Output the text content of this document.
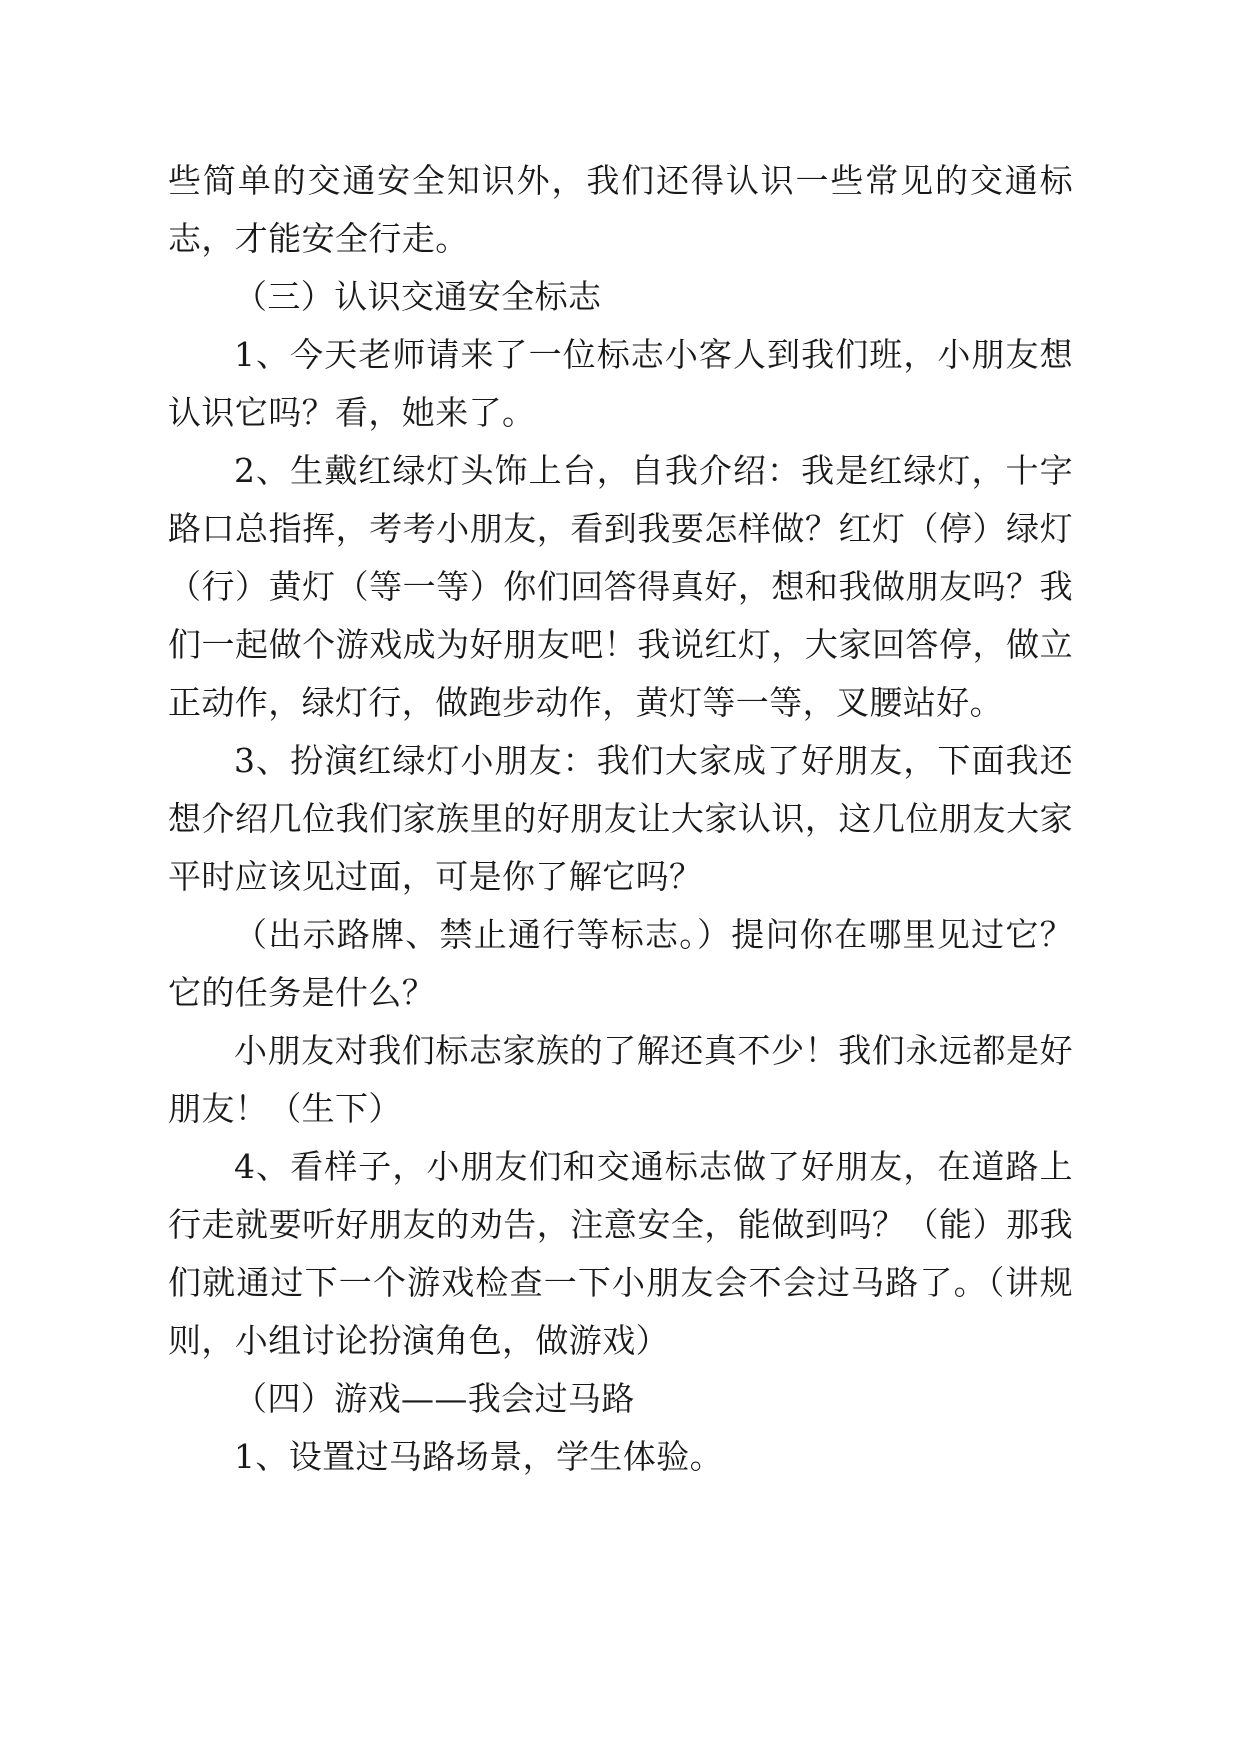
些简单的交通安全知识外，我们还得认识一些常见的交通标志，才能安全行走。

（三）认识交通安全标志

1、今天老师请来了一位标志小客人到我们班，小朋友想认识它吗？看，她来了。

2、生戴红绿灯头饰上台，自我介绍：我是红绿灯，十字路口总指挥，考考小朋友，看到我要怎样做？红灯（停）绿灯（行）黄灯（等一等）你们回答得真好，想和我做朋友吗？我们一起做个游戏成为好朋友吧！我说红灯，大家回答停，做立正动作，绿灯行，做跑步动作，黄灯等一等，叉腰站好。

3、扮演红绿灯小朋友：我们大家成了好朋友，下面我还想介绍几位我们家族里的好朋友让大家认识，这几位朋友大家平时应该见过面，可是你了解它吗？

（出示路牌、禁止通行等标志。）提问你在哪里见过它？它的任务是什么？

小朋友对我们标志家族的了解还真不少！我们永远都是好朋友！（生下）

4、看样子，小朋友们和交通标志做了好朋友，在道路上行走就要听好朋友的劝告，注意安全，能做到吗？（能）那我们就通过下一个游戏检查一下小朋友会不会过马路了。（讲规则，小组讨论扮演角色，做游戏）

（四）游戏——我会过马路

1、设置过马路场景，学生体验。
